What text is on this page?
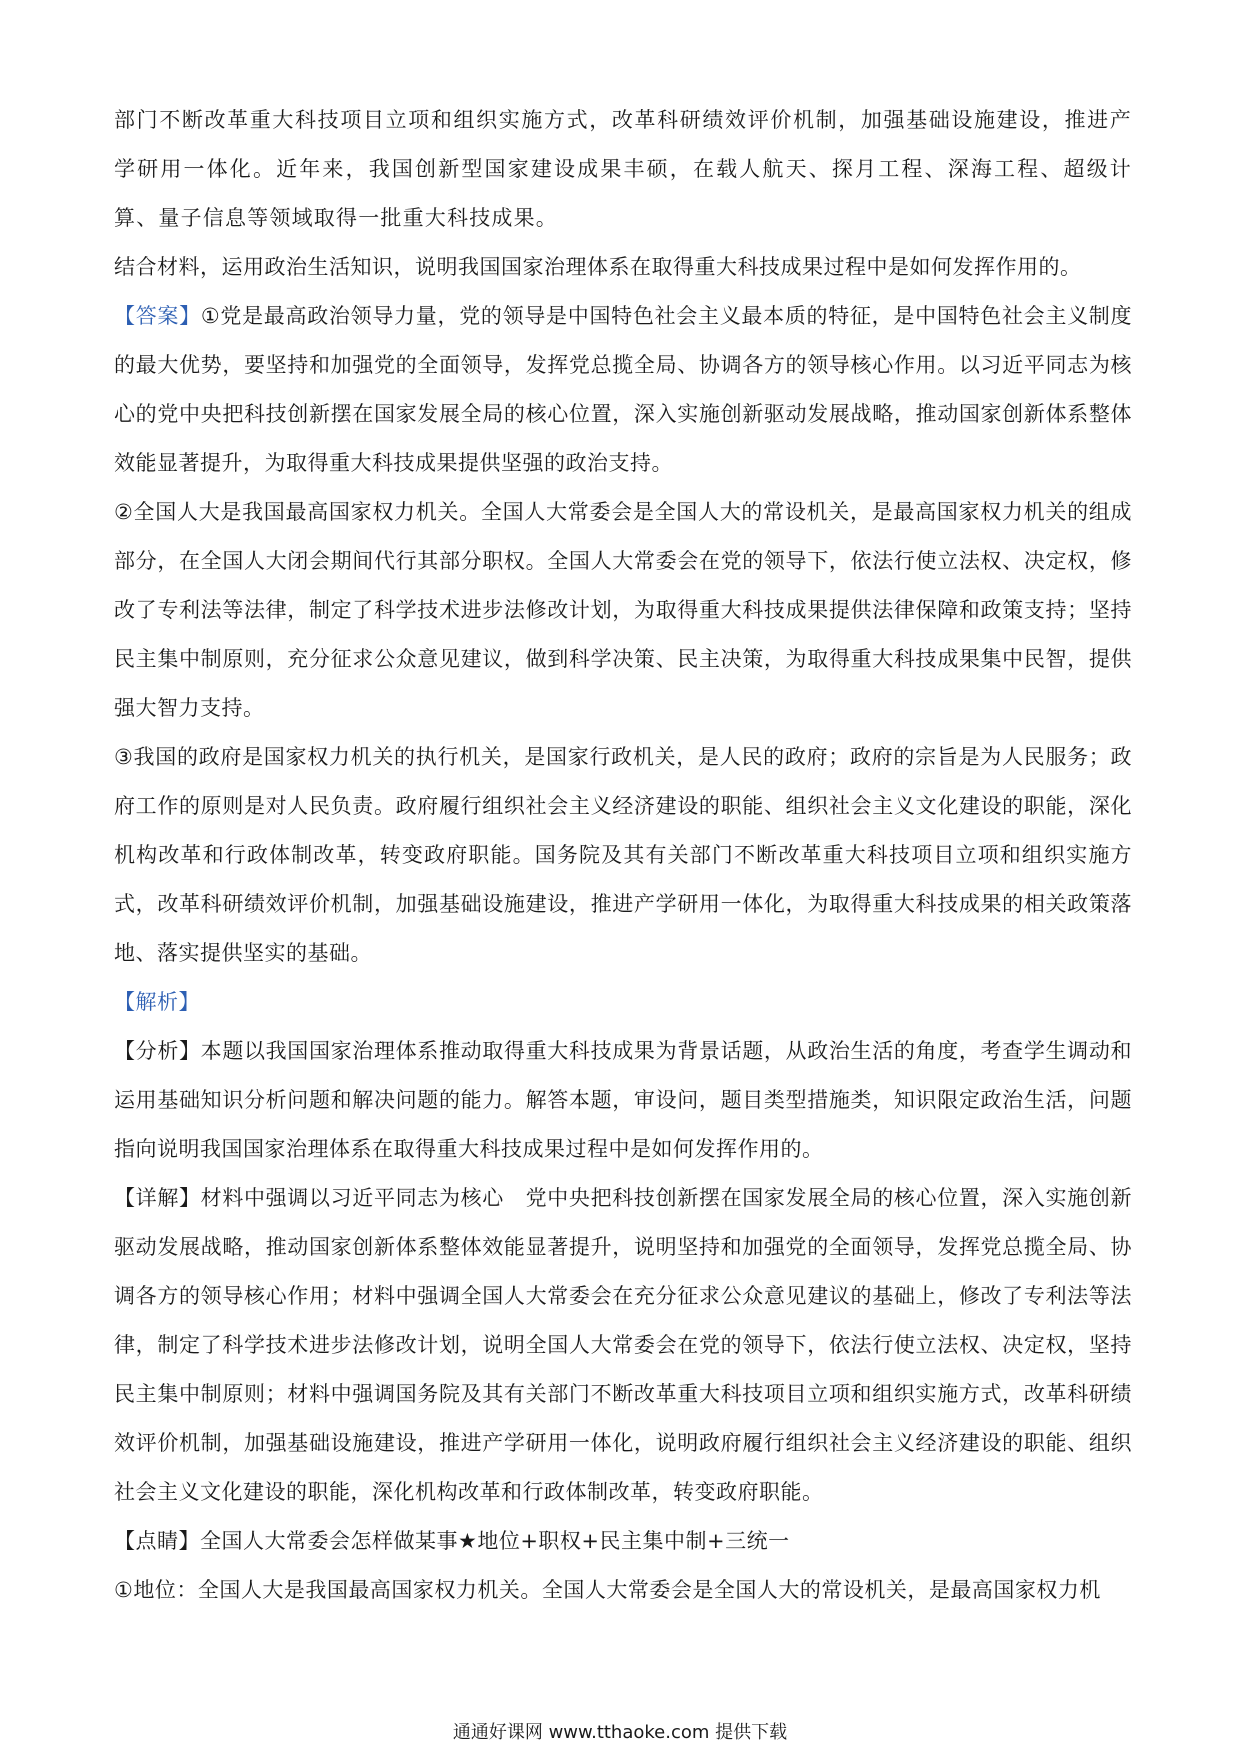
部门不断改革重大科技项目立项和组织实施方式，改革科研绩效评价机制，加强基础设施建设，推进产学研用一体化。近年来，我国创新型国家建设成果丰硕，在载人航天、探月工程、深海工程、超级计算、量子信息等领域取得一批重大科技成果。

结合材料，运用政治生活知识，说明我国国家治理体系在取得重大科技成果过程中是如何发挥作用的。

【答案】①党是最高政治领导力量，党的领导是中国特色社会主义最本质的特征，是中国特色社会主义制度的最大优势，要坚持和加强党的全面领导，发挥党总揽全局、协调各方的领导核心作用。以习近平同志为核心的党中央把科技创新摆在国家发展全局的核心位置，深入实施创新驱动发展战略，推动国家创新体系整体效能显著提升，为取得重大科技成果提供坚强的政治支持。

②全国人大是我国最高国家权力机关。全国人大常委会是全国人大的常设机关，是最高国家权力机关的组成部分，在全国人大闭会期间代行其部分职权。全国人大常委会在党的领导下，依法行使立法权、决定权，修改了专利法等法律，制定了科学技术进步法修改计划，为取得重大科技成果提供法律保障和政策支持；坚持民主集中制原则，充分征求公众意见建议，做到科学决策、民主决策，为取得重大科技成果集中民智，提供强大智力支持。

③我国的政府是国家权力机关的执行机关，是国家行政机关，是人民的政府；政府的宗旨是为人民服务；政府工作的原则是对人民负责。政府履行组织社会主义经济建设的职能、组织社会主义文化建设的职能，深化机构改革和行政体制改革，转变政府职能。国务院及其有关部门不断改革重大科技项目立项和组织实施方式，改革科研绩效评价机制，加强基础设施建设，推进产学研用一体化，为取得重大科技成果的相关政策落地、落实提供坚实的基础。

【解析】

【分析】本题以我国国家治理体系推动取得重大科技成果为背景话题，从政治生活的角度，考查学生调动和运用基础知识分析问题和解决问题的能力。解答本题，审设问，题目类型措施类，知识限定政治生活，问题指向说明我国国家治理体系在取得重大科技成果过程中是如何发挥作用的。

【详解】材料中强调以习近平同志为核心　党中央把科技创新摆在国家发展全局的核心位置，深入实施创新驱动发展战略，推动国家创新体系整体效能显著提升，说明坚持和加强党的全面领导，发挥党总揽全局、协调各方的领导核心作用；材料中强调全国人大常委会在充分征求公众意见建议的基础上，修改了专利法等法律，制定了科学技术进步法修改计划，说明全国人大常委会在党的领导下，依法行使立法权、决定权，坚持民主集中制原则；材料中强调国务院及其有关部门不断改革重大科技项目立项和组织实施方式，改革科研绩效评价机制，加强基础设施建设，推进产学研用一体化，说明政府履行组织社会主义经济建设的职能、组织社会主义文化建设的职能，深化机构改革和行政体制改革，转变政府职能。

【点睛】全国人大常委会怎样做某事★地位+职权+民主集中制+三统一

①地位：全国人大是我国最高国家权力机关。全国人大常委会是全国人大的常设机关，是最高国家权力机

通通好课网 www.tthaoke.com 提供下载
